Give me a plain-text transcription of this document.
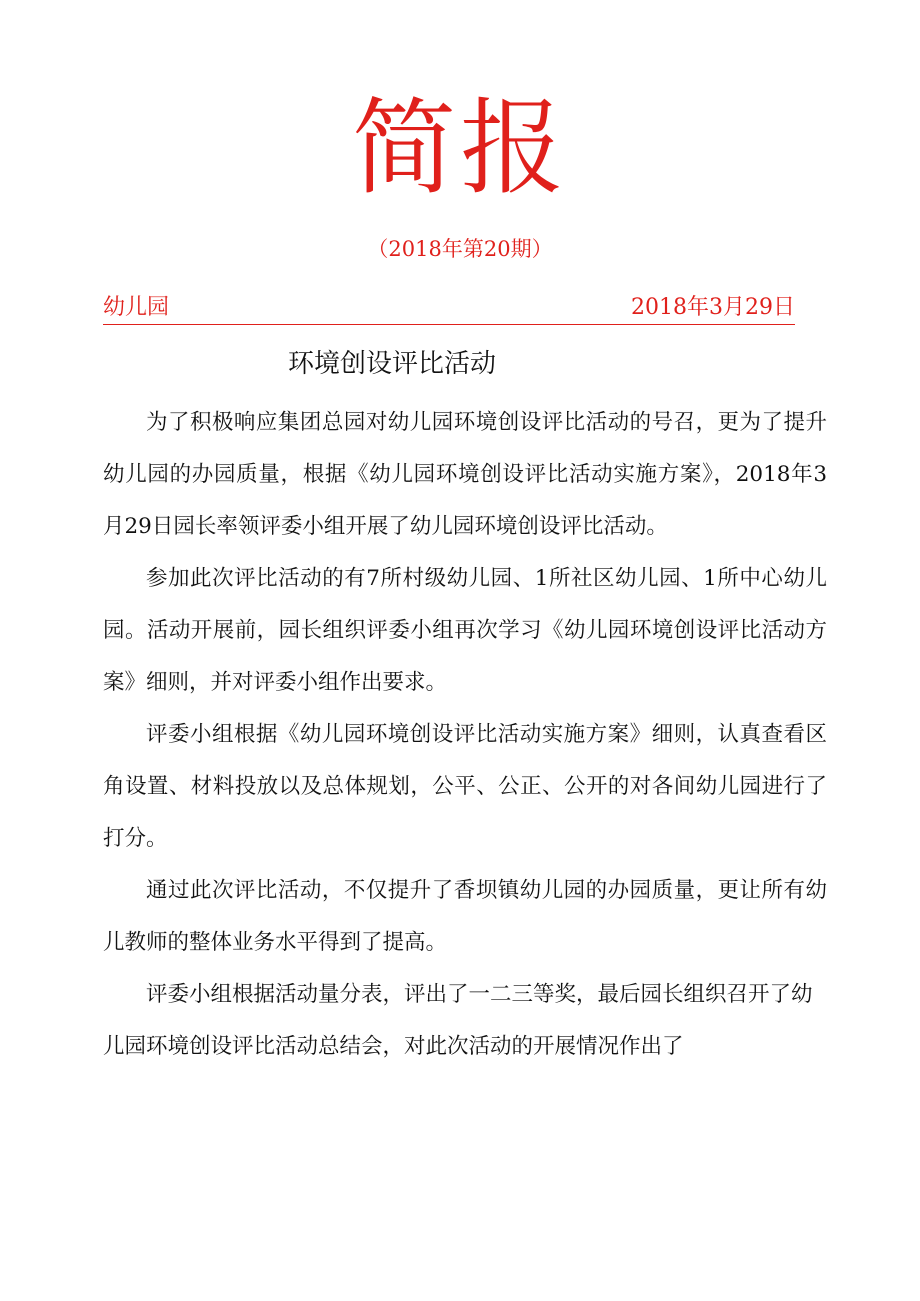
简报
（2018年第20期）
幼儿园	2018年3月29日
环境创设评比活动

为了积极响应集团总园对幼儿园环境创设评比活动的号召，更为了提升幼儿园的办园质量，根据《幼儿园环境创设评比活动实施方案》，2018年3月29日园长率领评委小组开展了幼儿园环境创设评比活动。

参加此次评比活动的有7所村级幼儿园、1所社区幼儿园、1所中心幼儿园。活动开展前，园长组织评委小组再次学习《幼儿园环境创设评比活动方案》细则，并对评委小组作出要求。

评委小组根据《幼儿园环境创设评比活动实施方案》细则，认真查看区角设置、材料投放以及总体规划，公平、公正、公开的对各间幼儿园进行了打分。

通过此次评比活动，不仅提升了香坝镇幼儿园的办园质量，更让所有幼儿教师的整体业务水平得到了提高。

评委小组根据活动量分表，评出了一二三等奖，最后园长组织召开了幼儿园环境创设评比活动总结会，对此次活动的开展情况作出了
